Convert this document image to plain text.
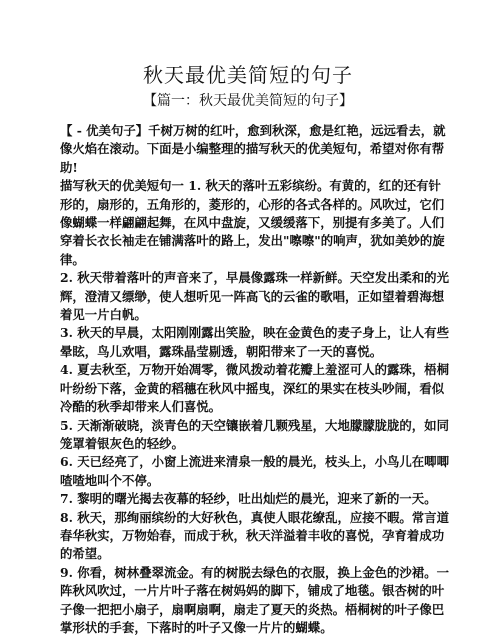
秋天最优美简短的句子
【篇一：秋天最优美简短的句子】

【 - 优美句子】千树万树的红叶，愈到秋深，愈是红艳，远远看去，就像火焰在滚动。下面是小编整理的描写秋天的优美短句，希望对你有帮助!

描写秋天的优美短句一 1. 秋天的落叶五彩缤纷。有黄的，红的还有针形的，扇形的，五角形的，菱形的，心形的各式各样的。风吹过，它们像蝴蝶一样翩翩起舞，在风中盘旋，又缓缓落下，别提有多美了。人们穿着长衣长袖走在铺满落叶的路上，发出"嚓嚓"的响声，犹如美妙的旋律。

2. 秋天带着落叶的声音来了，早晨像露珠一样新鲜。天空发出柔和的光辉，澄清又缥缈，使人想听见一阵高飞的云雀的歌唱，正如望着碧海想着见一片白帆。

3. 秋天的早晨，太阳刚刚露出笑脸，映在金黄色的麦子身上，让人有些晕眩，鸟儿欢唱，露珠晶莹剔透，朝阳带来了一天的喜悦。

4. 夏去秋至，万物开始凋零，微风拨动着花瓣上羞涩可人的露珠，梧桐叶纷纷下落，金黄的稻穗在秋风中摇曳，深红的果实在枝头吵闹，看似冷酷的秋季却带来人们喜悦。

5. 天渐渐破晓，淡青色的天空镶嵌着几颗残星，大地朦朦胧胧的，如同笼罩着银灰色的轻纱。

6. 天已经亮了，小窗上流进来清泉一般的晨光，枝头上，小鸟儿在唧唧喳喳地叫个不停。

7. 黎明的曙光揭去夜幕的轻纱，吐出灿烂的晨光，迎来了新的一天。

8. 秋天，那绚丽缤纷的大好秋色，真使人眼花缭乱，应接不暇。常言道春华秋实，万物始春，而成于秋，秋天洋溢着丰收的喜悦，孕育着成功的希望。

9. 你看，树林叠翠流金。有的树脱去绿色的衣服，换上金色的沙裙。一阵秋风吹过，一片片叶子落在树妈妈的脚下，铺成了地毯。银杏树的叶子像一把把小扇子，扇啊扇啊，扇走了夏天的炎热。梧桐树的叶子像巴掌形状的手套，下落时的叶子又像一片片的蝴蝶。
